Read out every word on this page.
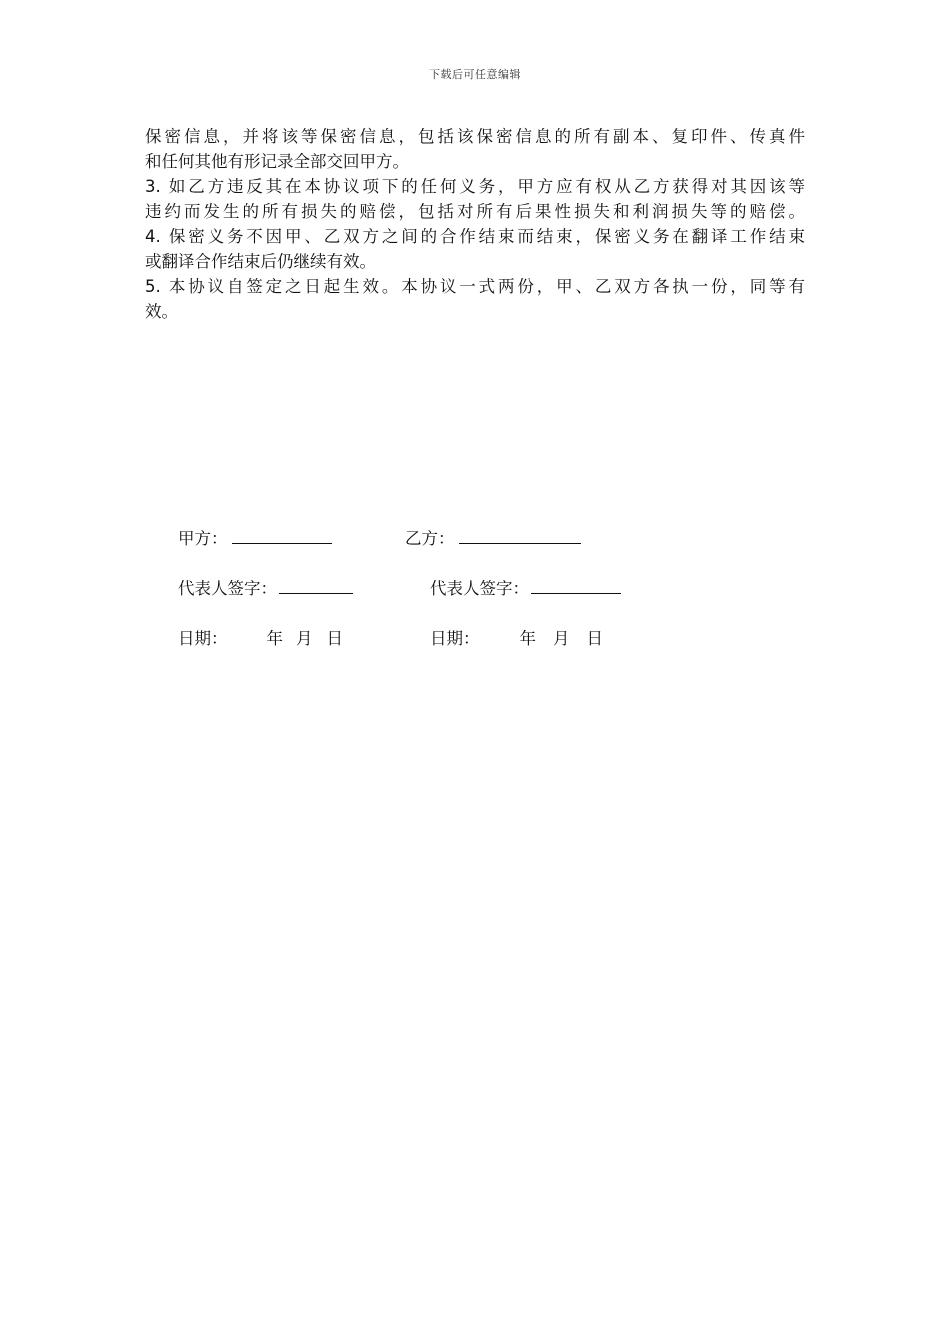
下载后可任意编辑
保密信息，并将该等保密信息，包括该保密信息的所有副本、复印件、传真件
和任何其他有形记录全部交回甲方。
3. 如乙方违反其在本协议项下的任何义务，甲方应有权从乙方获得对其因该等
违约而发生的所有损失的赔偿，包括对所有后果性损失和利润损失等的赔偿。
4. 保密义务不因甲、乙双方之间的合作结束而结束，保密义务在翻译工作结束
或翻译合作结束后仍继续有效。
5. 本协议自签定之日起生效。本协议一式两份，甲、乙双方各执一份，同等有
效。
甲方：	乙方：
代表人签字：	代表人签字：
日期： 年 月 日	日期： 年 月 日
